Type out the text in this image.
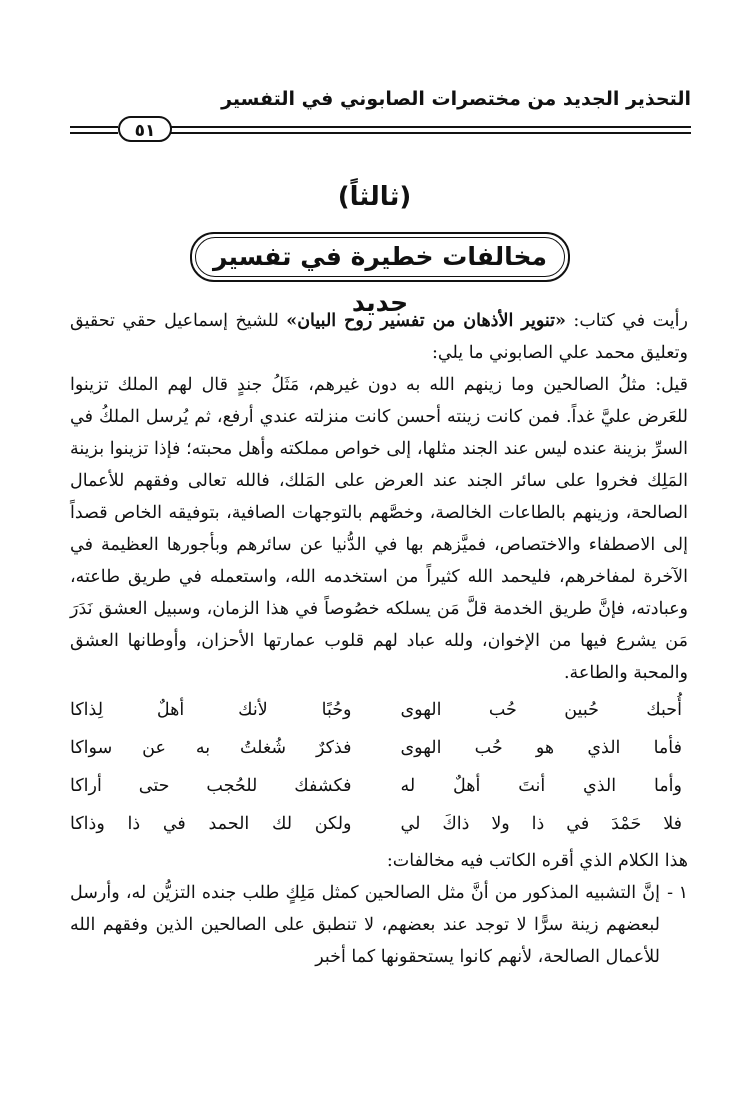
التحذير الجديد من مختصرات الصابوني في التفسير
٥١
(ثالثاً)
مخالفات خطيرة في تفسير جديد

رأيت في كتاب: «تنوير الأذهان من تفسير روح البيان» للشيخ إسماعيل حقي تحقيق وتعليق محمد علي الصابوني ما يلي:

قيل: مثلُ الصالحين وما زينهم الله به دون غيرهم، مَثَلُ جندٍ قال لهم الملك تزينوا للعَرض عليَّ غداً. فمن كانت زينته أحسن كانت منزلته عندي أرفع، ثم يُرسل الملكُ في السرِّ بزينة عنده ليس عند الجند مثلها، إلى خواص مملكته وأهل محبته؛ فإذا تزينوا بزينة المَلِك فخروا على سائر الجند عند العرض على المَلك، فالله تعالى وفقهم للأعمال الصالحة، وزينهم بالطاعات الخالصة، وخصَّهم بالتوجهات الصافية، بتوفيقه الخاص قصداً إلى الاصطفاء والاختصاص، فميَّزهم بها في الدُّنيا عن سائرهم وبأجورها العظيمة في الآخرة لمفاخرهم، فليحمد الله كثيراً من استخدمه الله، واستعمله في طريق طاعته، وعبادته، فإنَّ طريق الخدمة قلَّ مَن يسلكه خصُوصاً في هذا الزمان، وسبيل العشق نَدَرَ مَن يشرع فيها من الإخوان، ولله عباد لهم قلوب عمارتها الأحزان، وأوطانها العشق والمحبة والطاعة.

أُحبك حُبين حُب الهوى
وحُبًا لأنك أهلٌ لِذاكا
فأما الذي هو حُب الهوى
فذكرٌ شُغلتُ به عن سواكا
وأما الذي أنتَ أهلٌ له
فكشفك للحُجب حتى أراكا
فلا حَمْدَ في ذا ولا ذاكَ لي
ولكن لك الحمد في ذا وذاكا

هذا الكلام الذي أقره الكاتب فيه مخالفات:

١ -
إنَّ التشبيه المذكور من أنَّ مثل الصالحين كمثل مَلِكٍ طلب جنده التزيُّن له، وأرسل لبعضهم زينة سرًّا لا توجد عند بعضهم، لا تنطبق على الصالحين الذين وفقهم الله للأعمال الصالحة، لأنهم كانوا يستحقونها كما أخبر
